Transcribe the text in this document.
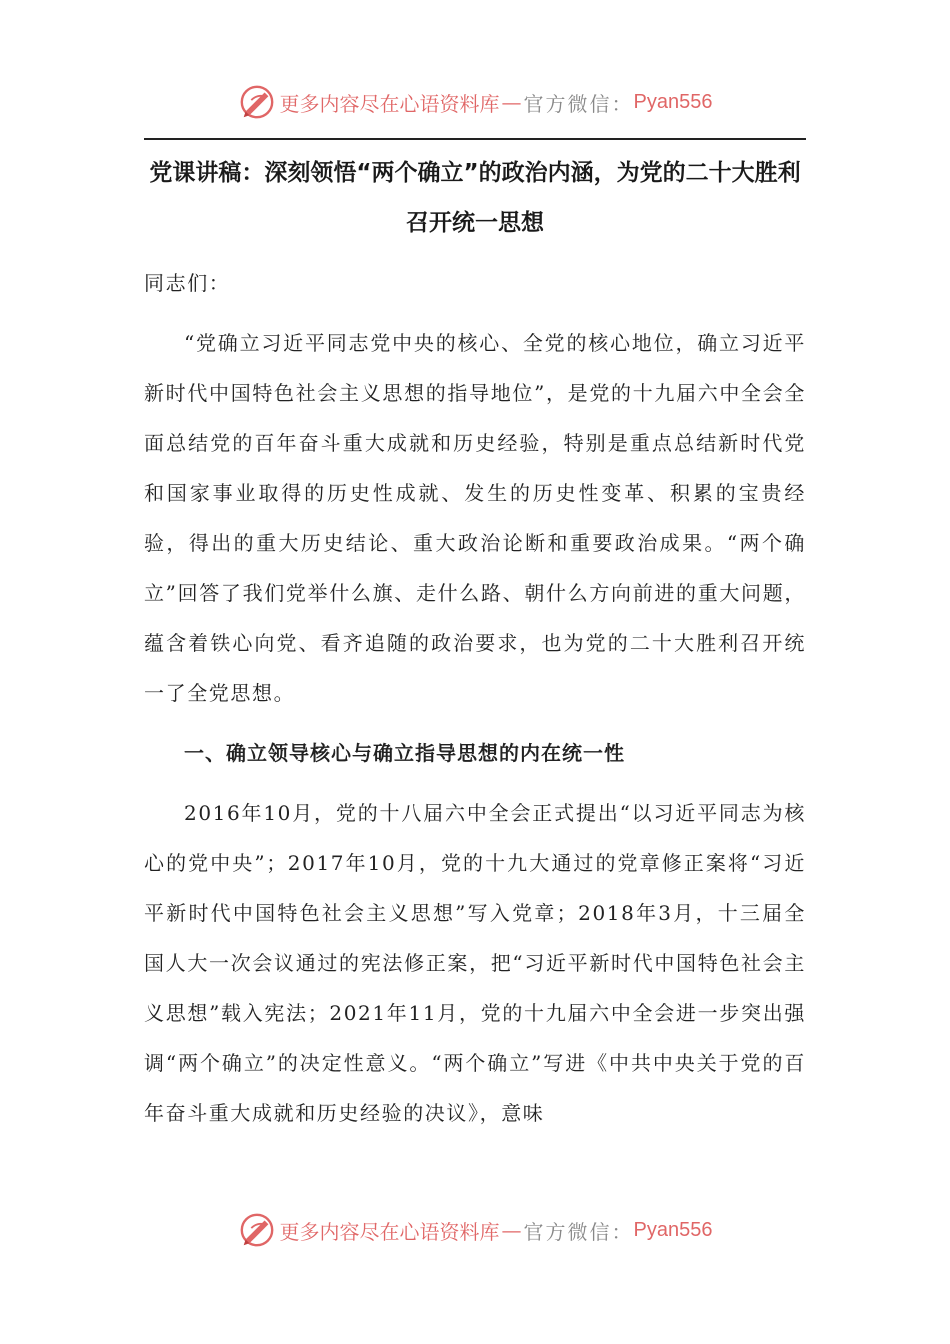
更多内容尽在心语资料库 — 官方微信： Pyan556
党课讲稿：深刻领悟“两个确立”的政治内涵，为党的二十大胜利召开统一思想

同志们：

“党确立习近平同志党中央的核心、全党的核心地位，确立习近平新时代中国特色社会主义思想的指导地位”，是党的十九届六中全会全面总结党的百年奋斗重大成就和历史经验，特别是重点总结新时代党和国家事业取得的历史性成就、发生的历史性变革、积累的宝贵经验，得出的重大历史结论、重大政治论断和重要政治成果。“两个确立”回答了我们党举什么旗、走什么路、朝什么方向前进的重大问题，蕴含着铁心向党、看齐追随的政治要求，也为党的二十大胜利召开统一了全党思想。

一、确立领导核心与确立指导思想的内在统一性

2016年10月，党的十八届六中全会正式提出“以习近平同志为核心的党中央”；2017年10月，党的十九大通过的党章修正案将“习近平新时代中国特色社会主义思想”写入党章；2018年3月，十三届全国人大一次会议通过的宪法修正案，把“习近平新时代中国特色社会主义思想”载入宪法；2021年11月，党的十九届六中全会进一步突出强调“两个确立”的决定性意义。“两个确立”写进《中共中央关于党的百年奋斗重大成就和历史经验的决议》，意味

更多内容尽在心语资料库 — 官方微信： Pyan556
